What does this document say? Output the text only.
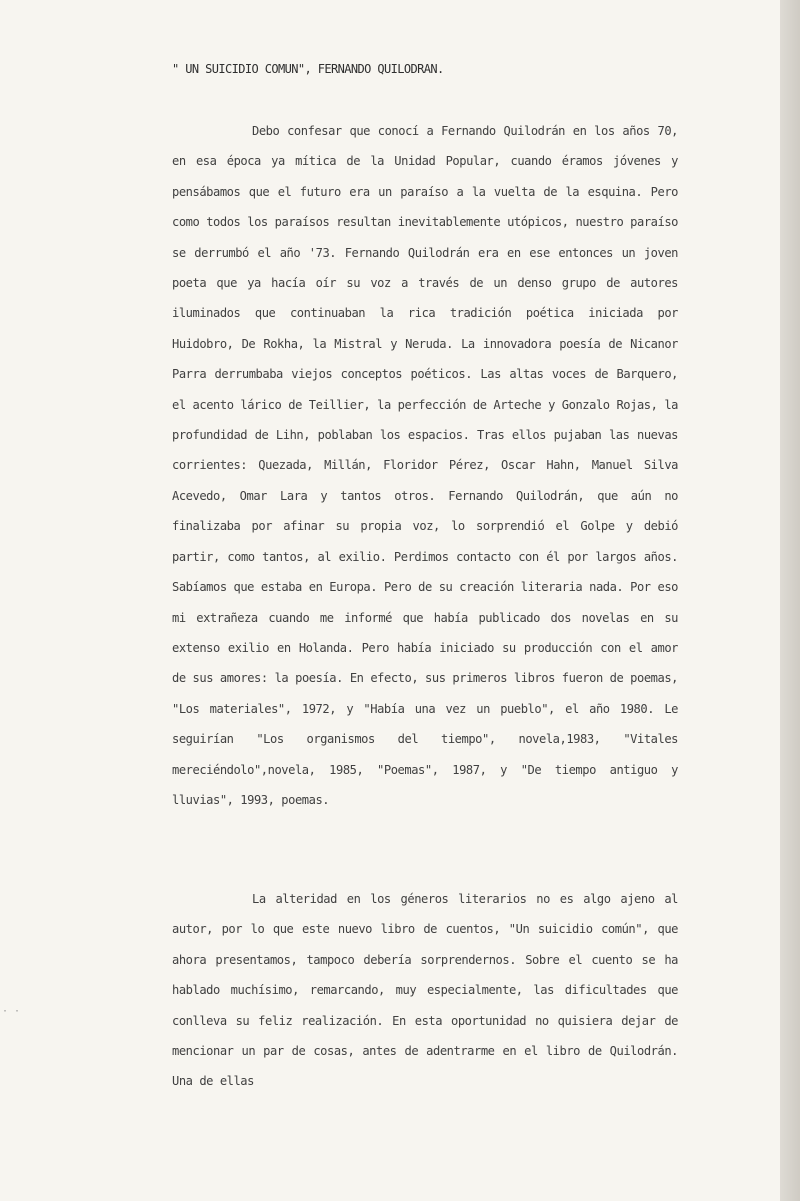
" UN SUICIDIO COMUN", FERNANDO QUILODRAN.

Debo confesar que conocí a Fernando Quilodrán en los años 70, en esa época ya mítica de la Unidad Popular, cuando éramos jóvenes y pensábamos que el futuro era un paraíso a la vuelta de la esquina. Pero como todos los paraísos resultan inevitablemente utópicos, nuestro paraíso se derrumbó el año '73. Fernando Quilodrán era en ese entonces un joven poeta que ya hacía oír su voz a través de un denso grupo de autores iluminados que continuaban la rica tradición poética iniciada por Huidobro, De Rokha, la Mistral y Neruda. La innovadora poesía de Nicanor Parra derrumbaba viejos conceptos poéticos. Las altas voces de Barquero, el acento lárico de Teillier, la perfección de Arteche y Gonzalo Rojas, la profundidad de Lihn, poblaban los espacios. Tras ellos pujaban las nuevas corrientes: Quezada, Millán, Floridor Pérez, Oscar Hahn, Manuel Silva Acevedo, Omar Lara y tantos otros. Fernando Quilodrán, que aún no finalizaba por afinar su propia voz, lo sorprendió el Golpe y debió partir, como tantos, al exilio. Perdimos contacto con él por largos años. Sabíamos que estaba en Europa. Pero de su creación literaria nada. Por eso mi extrañeza cuando me informé que había publicado dos novelas en su extenso exilio en Holanda. Pero había iniciado su producción con el amor de sus amores: la poesía. En efecto, sus primeros libros fueron de poemas, "Los materiales", 1972, y "Había una vez un pueblo", el año 1980. Le seguirían "Los organismos del tiempo", novela,1983, "Vitales mereciéndolo",novela, 1985, "Poemas", 1987, y "De tiempo antiguo y lluvias", 1993, poemas.

La alteridad en los géneros literarios no es algo ajeno al autor, por lo que este nuevo libro de cuentos, "Un suicidio común", que ahora presentamos, tampoco debería sorprendernos. Sobre el cuento se ha hablado muchísimo, remarcando, muy especialmente, las dificultades que conlleva su feliz realización. En esta oportunidad no quisiera dejar de mencionar un par de cosas, antes de adentrarme en el libro de Quilodrán. Una de ellas

· ·
